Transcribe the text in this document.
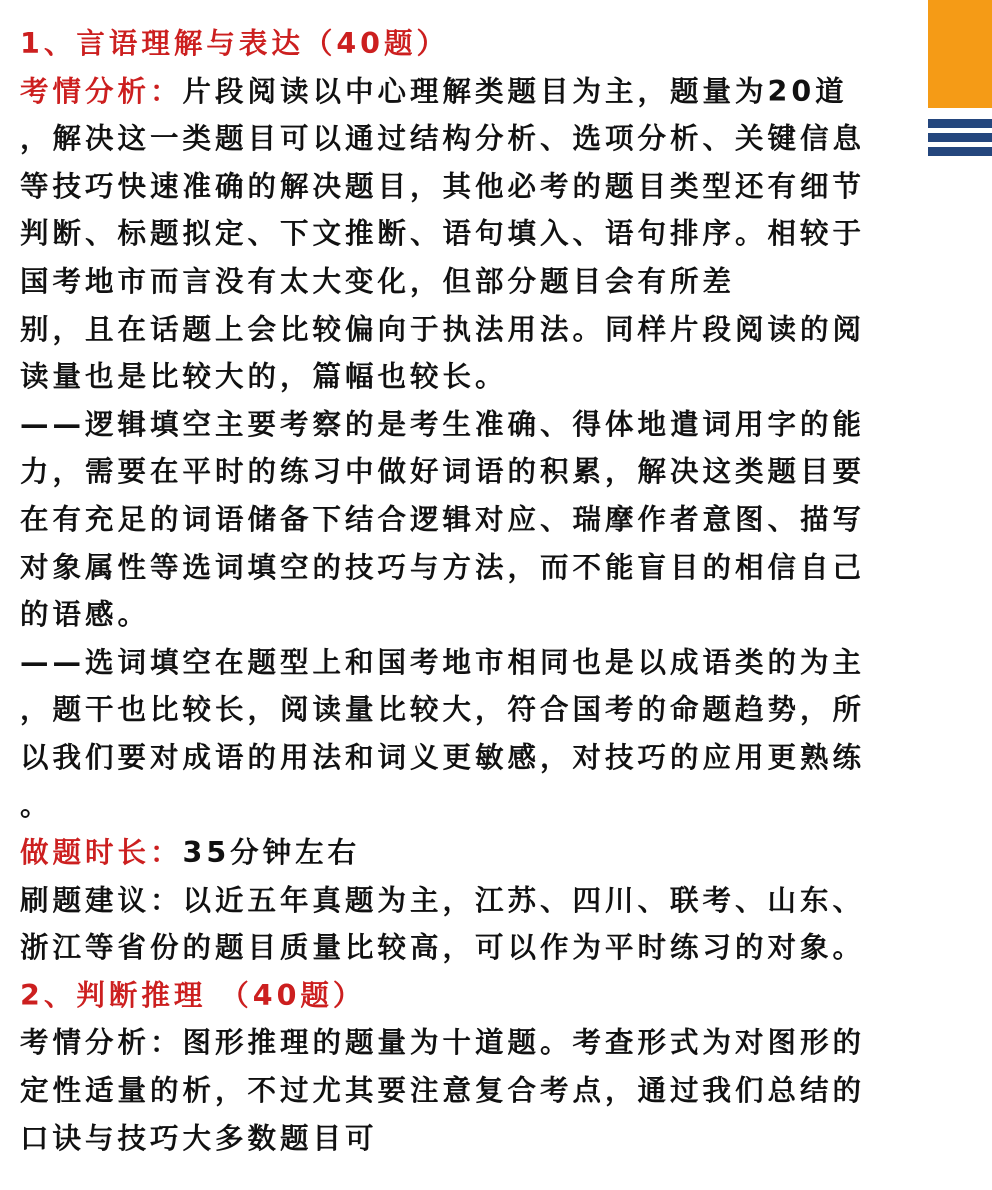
1、言语理解与表达（40题）
考情分析：片段阅读以中心理解类题目为主，题量为20道
，解决这一类题目可以通过结构分析、选项分析、关键信息
等技巧快速准确的解决题目，其他必考的题目类型还有细节
判断、标题拟定、下文推断、语句填入、语句排序。相较于
国考地市而言没有太大变化，但部分题目会有所差
别，且在话题上会比较偏向于执法用法。同样片段阅读的阅
读量也是比较大的，篇幅也较长。
——逻辑填空主要考察的是考生准确、得体地遣词用字的能
力，需要在平时的练习中做好词语的积累，解决这类题目要
在有充足的词语储备下结合逻辑对应、瑞摩作者意图、描写
对象属性等选词填空的技巧与方法，而不能盲目的相信自己
的语感。
——选词填空在题型上和国考地市相同也是以成语类的为主
，题干也比较长，阅读量比较大，符合国考的命题趋势，所
以我们要对成语的用法和词义更敏感，对技巧的应用更熟练
。
做题时长：35分钟左右
刷题建议：以近五年真题为主，江苏、四川、联考、山东、
浙江等省份的题目质量比较高，可以作为平时练习的对象。
2、判断推理 （40题）
考情分析：图形推理的题量为十道题。考查形式为对图形的
定性适量的析，不过尤其要注意复合考点，通过我们总结的
口诀与技巧大多数题目可
